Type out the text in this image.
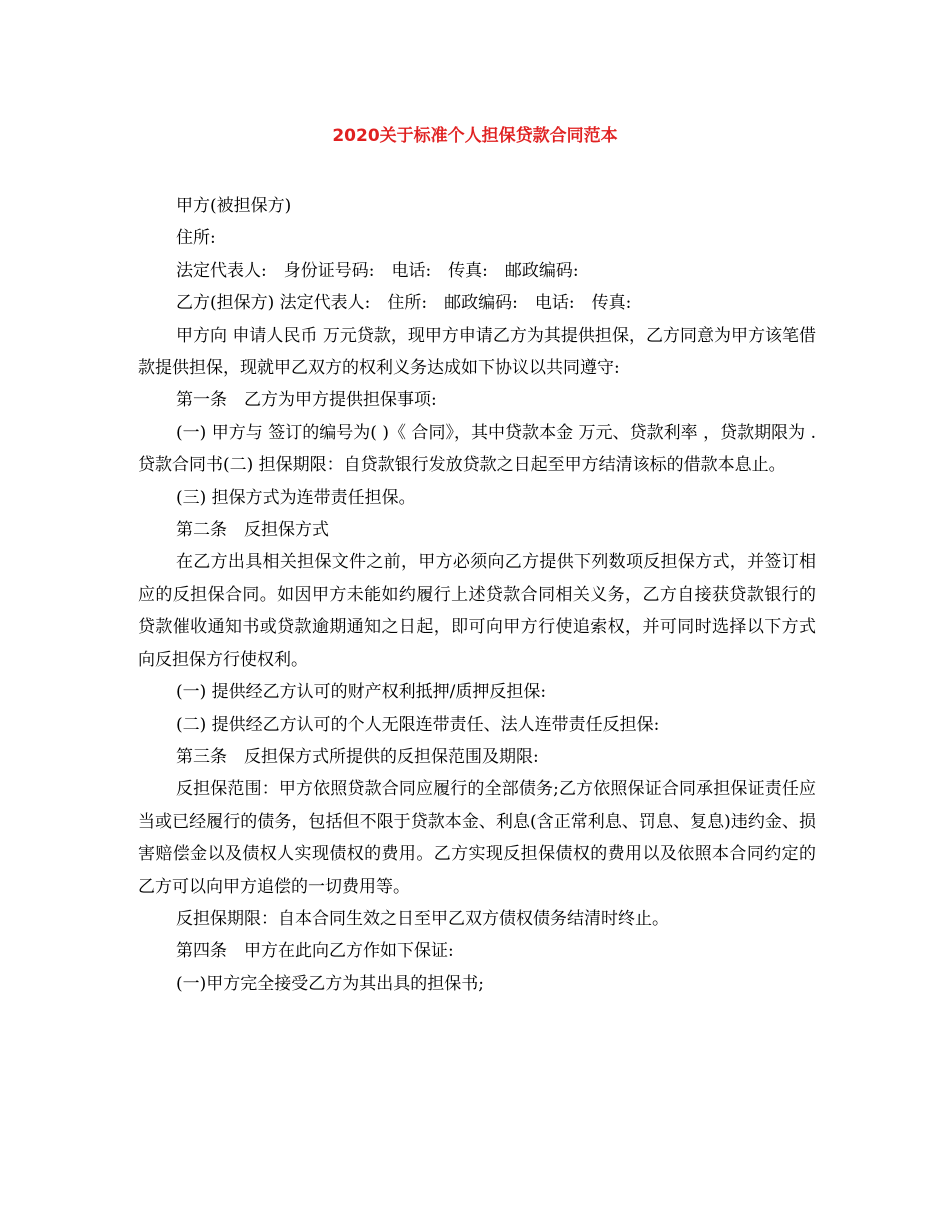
2020关于标准个人担保贷款合同范本

甲方(被担保方)

住所:

法定代表人:　身份证号码:　电话:　传真:　邮政编码:

乙方(担保方) 法定代表人:　住所:　邮政编码:　电话:　传真:

甲方向 申请人民币 万元贷款，现甲方申请乙方为其提供担保，乙方同意为甲方该笔借款提供担保，现就甲乙双方的权利义务达成如下协议以共同遵守:

第一条　乙方为甲方提供担保事项:

(一) 甲方与 签订的编号为( )《 合同》，其中贷款本金 万元、贷款利率 ，贷款期限为 .贷款合同书(二) 担保期限：自贷款银行发放贷款之日起至甲方结清该标的借款本息止。

(三) 担保方式为连带责任担保。

第二条　反担保方式

在乙方出具相关担保文件之前，甲方必须向乙方提供下列数项反担保方式，并签订相应的反担保合同。如因甲方未能如约履行上述贷款合同相关义务，乙方自接获贷款银行的贷款催收通知书或贷款逾期通知之日起，即可向甲方行使追索权，并可同时选择以下方式向反担保方行使权利。

(一) 提供经乙方认可的财产权利抵押/质押反担保:

(二) 提供经乙方认可的个人无限连带责任、法人连带责任反担保:

第三条　反担保方式所提供的反担保范围及期限:

反担保范围：甲方依照贷款合同应履行的全部债务;乙方依照保证合同承担保证责任应当或已经履行的债务，包括但不限于贷款本金、利息(含正常利息、罚息、复息)违约金、损害赔偿金以及债权人实现债权的费用。乙方实现反担保债权的费用以及依照本合同约定的乙方可以向甲方追偿的一切费用等。

反担保期限：自本合同生效之日至甲乙双方债权债务结清时终止。

第四条　甲方在此向乙方作如下保证:

(一)甲方完全接受乙方为其出具的担保书;
